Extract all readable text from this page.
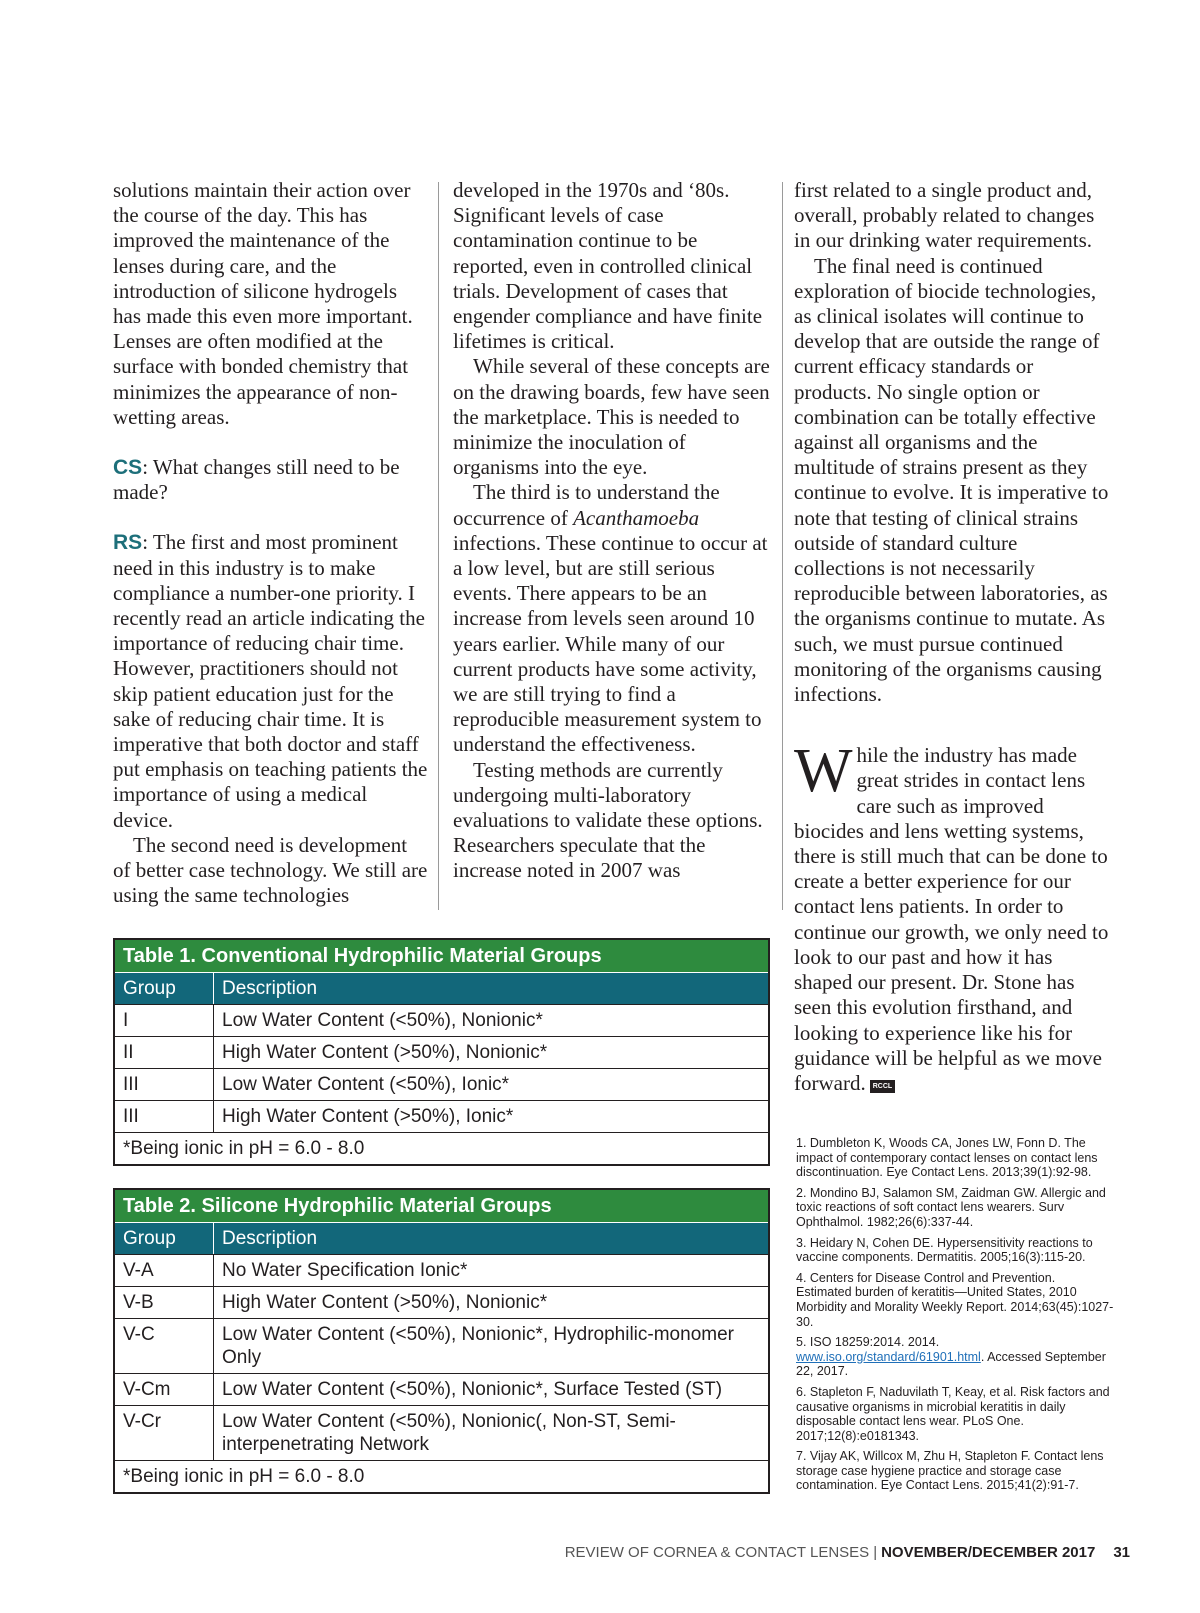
solutions maintain their action over the course of the day. This has improved the maintenance of the lenses during care, and the introduction of silicone hydrogels has made this even more important. Lenses are often modified at the surface with bonded chemistry that minimizes the appearance of non-wetting areas.

CS: What changes still need to be made?

RS: The first and most prominent need in this industry is to make compliance a number-one priority. I recently read an article indicating the importance of reducing chair time. However, practitioners should not skip patient education just for the sake of reducing chair time. It is imperative that both doctor and staff put emphasis on teaching patients the importance of using a medical device.

The second need is development of better case technology. We still are using the same technologies

developed in the 1970s and ‘80s. Significant levels of case contamination continue to be reported, even in controlled clinical trials. Development of cases that engender compliance and have finite lifetimes is critical.

While several of these concepts are on the drawing boards, few have seen the marketplace. This is needed to minimize the inoculation of organisms into the eye.

The third is to understand the occurrence of Acanthamoeba infections. These continue to occur at a low level, but are still serious events. There appears to be an increase from levels seen around 10 years earlier. While many of our current products have some activity, we are still trying to find a reproducible measurement system to understand the effectiveness.

Testing methods are currently undergoing multi-laboratory evaluations to validate these options. Researchers speculate that the increase noted in 2007 was

first related to a single product and, overall, probably related to changes in our drinking water requirements.

The final need is continued exploration of biocide technologies, as clinical isolates will continue to develop that are outside the range of current efficacy standards or products. No single option or combination can be totally effective against all organisms and the multitude of strains present as they continue to evolve. It is imperative to note that testing of clinical strains outside of standard culture collections is not necessarily reproducible between laboratories, as the organisms continue to mutate. As such, we must pursue continued monitoring of the organisms causing infections.

While the industry has made great strides in contact lens care such as improved biocides and lens wetting systems, there is still much that can be done to create a better experience for our contact lens patients. In order to continue our growth, we only need to look to our past and how it has shaped our present. Dr. Stone has seen this evolution firsthand, and looking to experience like his for guidance will be helpful as we move forward. RCCL

Table 1. Conventional Hydrophilic Material Groups
Group	Description
I	Low Water Content (<50%), Nonionic*
II	High Water Content (>50%), Nonionic*
III	Low Water Content (<50%), Ionic*
III	High Water Content (>50%), Ionic*
*Being ionic in pH = 6.0 - 8.0
Table 2. Silicone Hydrophilic Material Groups
Group	Description
V-A	No Water Specification Ionic*
V-B	High Water Content (>50%), Nonionic*
V-C	Low Water Content (<50%), Nonionic*, Hydrophilic-monomer Only
V-Cm	Low Water Content (<50%), Nonionic*, Surface Tested (ST)
V-Cr	Low Water Content (<50%), Nonionic(, Non-ST, Semi-interpenetrating Network
*Being ionic in pH = 6.0 - 8.0
1. Dumbleton K, Woods CA, Jones LW, Fonn D. The impact of contemporary contact lenses on contact lens discontinuation. Eye Contact Lens. 2013;39(1):92-98.
2. Mondino BJ, Salamon SM, Zaidman GW. Allergic and toxic reactions of soft contact lens wearers. Surv Ophthalmol. 1982;26(6):337-44.
3. Heidary N, Cohen DE. Hypersensitivity reactions to vaccine components. Dermatitis. 2005;16(3):115-20.
4. Centers for Disease Control and Prevention. Estimated burden of keratitis—United States, 2010 Morbidity and Morality Weekly Report. 2014;63(45):1027-30.
5. ISO 18259:2014. 2014. www.iso.org/standard/61901.html. Accessed September 22, 2017.
6. Stapleton F, Naduvilath T, Keay, et al. Risk factors and causative organisms in microbial keratitis in daily disposable contact lens wear. PLoS One. 2017;12(8):e0181343.
7. Vijay AK, Willcox M, Zhu H, Stapleton F. Contact lens storage case hygiene practice and storage case contamination. Eye Contact Lens. 2015;41(2):91-7.
REVIEW OF CORNEA & CONTACT LENSES | NOVEMBER/DECEMBER 2017 31
